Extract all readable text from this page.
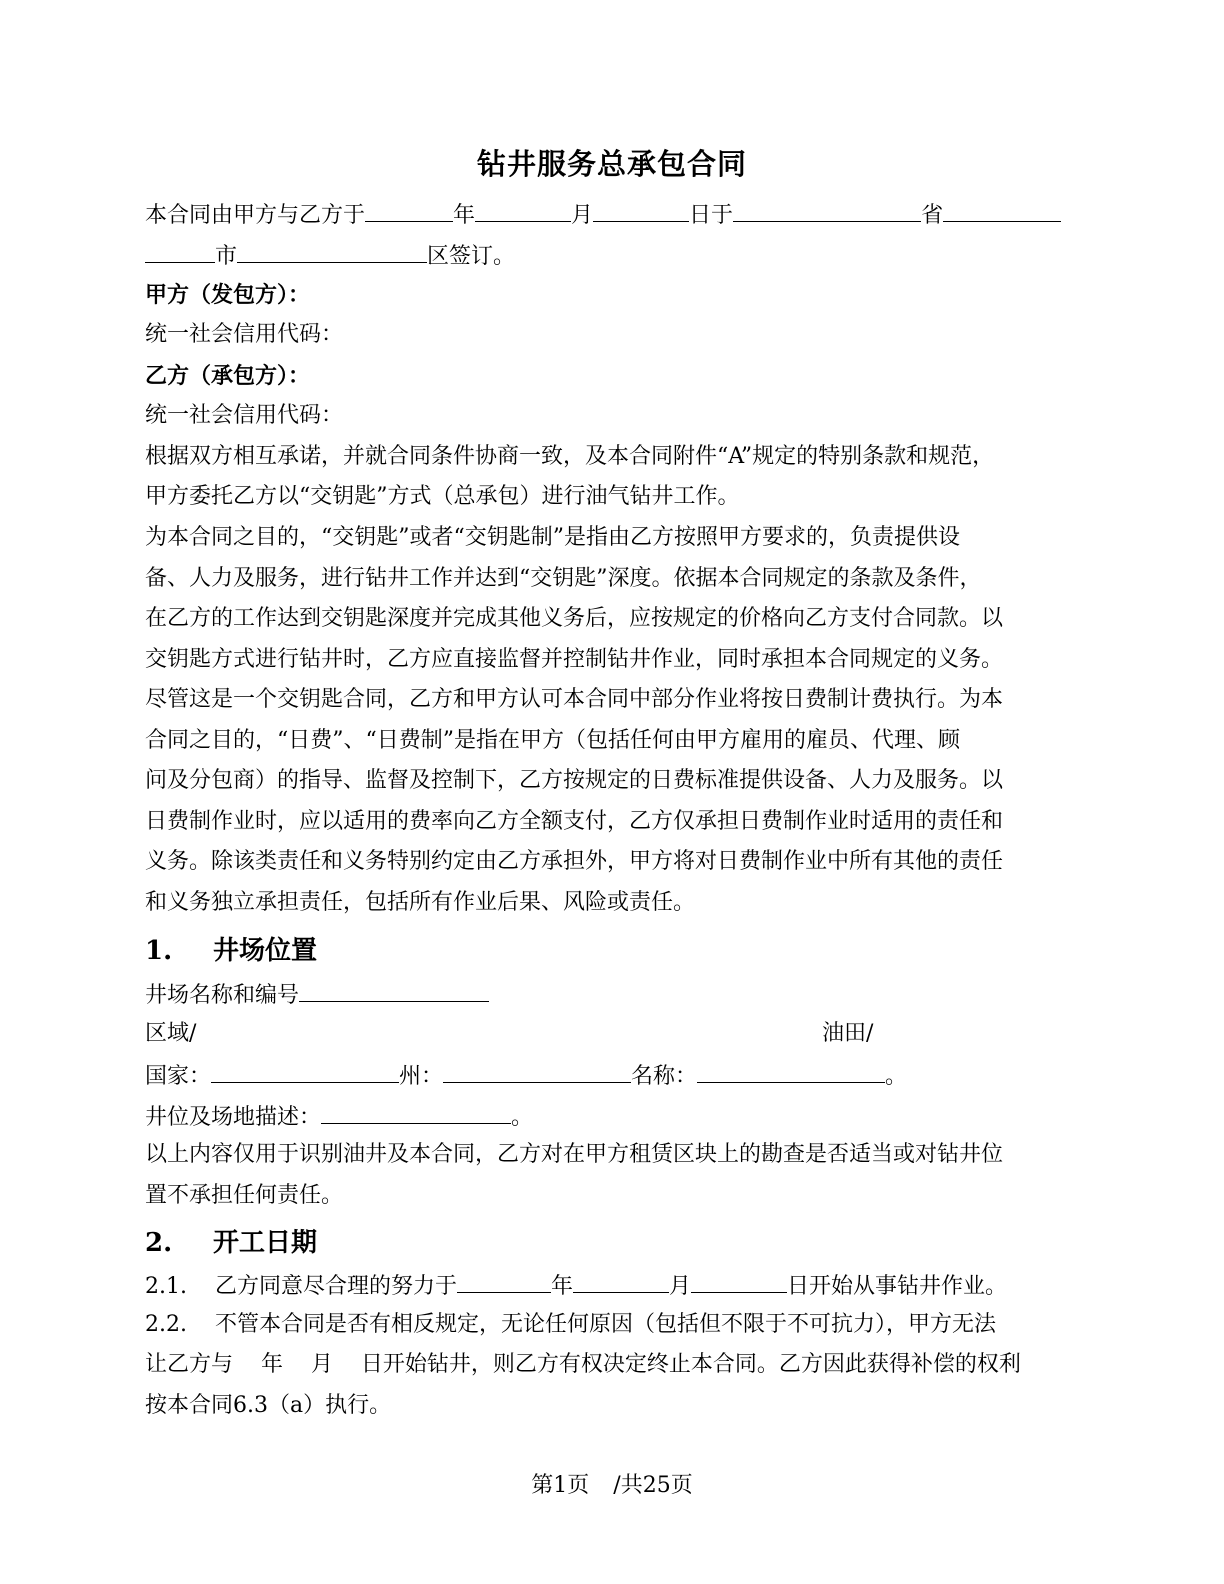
钻井服务总承包合同
本合同由甲方与乙方于	年	月	日于	省
市	区签订。
甲方（发包方）：
统一社会信用代码：
乙方（承包方）：
统一社会信用代码：
根据双方相互承诺，并就合同条件协商一致，及本合同附件“A”规定的特别条款和规范，
甲方委托乙方以“交钥匙”方式（总承包）进行油气钻井工作。
为本合同之目的，“交钥匙”或者“交钥匙制”是指由乙方按照甲方要求的，负责提供设
备、人力及服务，进行钻井工作并达到“交钥匙”深度。依据本合同规定的条款及条件，
在乙方的工作达到交钥匙深度并完成其他义务后，应按规定的价格向乙方支付合同款。以
交钥匙方式进行钻井时，乙方应直接监督并控制钻井作业，同时承担本合同规定的义务。
尽管这是一个交钥匙合同，乙方和甲方认可本合同中部分作业将按日费制计费执行。为本
合同之目的，“日费”、“日费制”是指在甲方（包括任何由甲方雇用的雇员、代理、顾
问及分包商）的指导、监督及控制下，乙方按规定的日费标准提供设备、人力及服务。以
日费制作业时，应以适用的费率向乙方全额支付，乙方仅承担日费制作业时适用的责任和
义务。除该类责任和义务特别约定由乙方承担外，甲方将对日费制作业中所有其他的责任
和义务独立承担责任，包括所有作业后果、风险或责任。
1. 井场位置
井场名称和编号
区域/	油田/
国家：	州：	名称：	。
井位及场地描述：	。
以上内容仅用于识别油井及本合同，乙方对在甲方租赁区块上的勘查是否适当或对钻井位
置不承担任何责任。
2. 开工日期
2.1. 乙方同意尽合理的努力于	年	月	日开始从事钻井作业。
2.2. 不管本合同是否有相反规定，无论任何原因（包括但不限于不可抗力），甲方无法
让乙方与    年    月    日开始钻井，则乙方有权决定终止本合同。乙方因此获得补偿的权利
按本合同6.3（a）执行。
第1页 /共25页
